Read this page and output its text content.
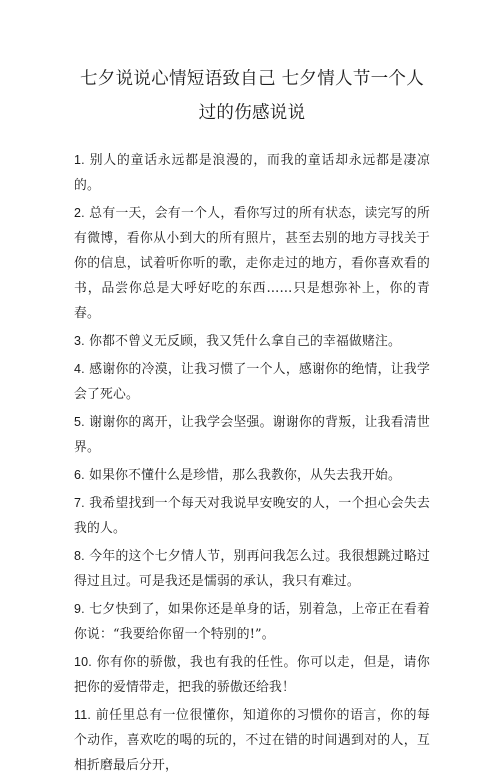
七夕说说心情短语致自己 七夕情人节一个人过的伤感说说

1. 别人的童话永远都是浪漫的，而我的童话却永远都是凄凉的。

2. 总有一天，会有一个人，看你写过的所有状态，读完写的所有微博，看你从小到大的所有照片，甚至去别的地方寻找关于你的信息，试着听你听的歌，走你走过的地方，看你喜欢看的书，品尝你总是大呼好吃的东西……只是想弥补上，你的青春。

3. 你都不曾义无反顾，我又凭什么拿自己的幸福做赌注。

4. 感谢你的冷漠，让我习惯了一个人，感谢你的绝情，让我学会了死心。

5. 谢谢你的离开，让我学会坚强。谢谢你的背叛，让我看清世界。

6. 如果你不懂什么是珍惜，那么我教你，从失去我开始。

7. 我希望找到一个每天对我说早安晚安的人，一个担心会失去我的人。

8. 今年的这个七夕情人节，别再问我怎么过。我很想跳过略过得过且过。可是我还是懦弱的承认，我只有难过。

9. 七夕快到了，如果你还是单身的话，别着急，上帝正在看着你说：“我要给你留一个特别的!”。

10. 你有你的骄傲，我也有我的任性。你可以走，但是，请你把你的爱情带走，把我的骄傲还给我！

11. 前任里总有一位很懂你，知道你的习惯你的语言，你的每个动作，喜欢吃的喝的玩的，不过在错的时间遇到对的人，互相折磨最后分开，
